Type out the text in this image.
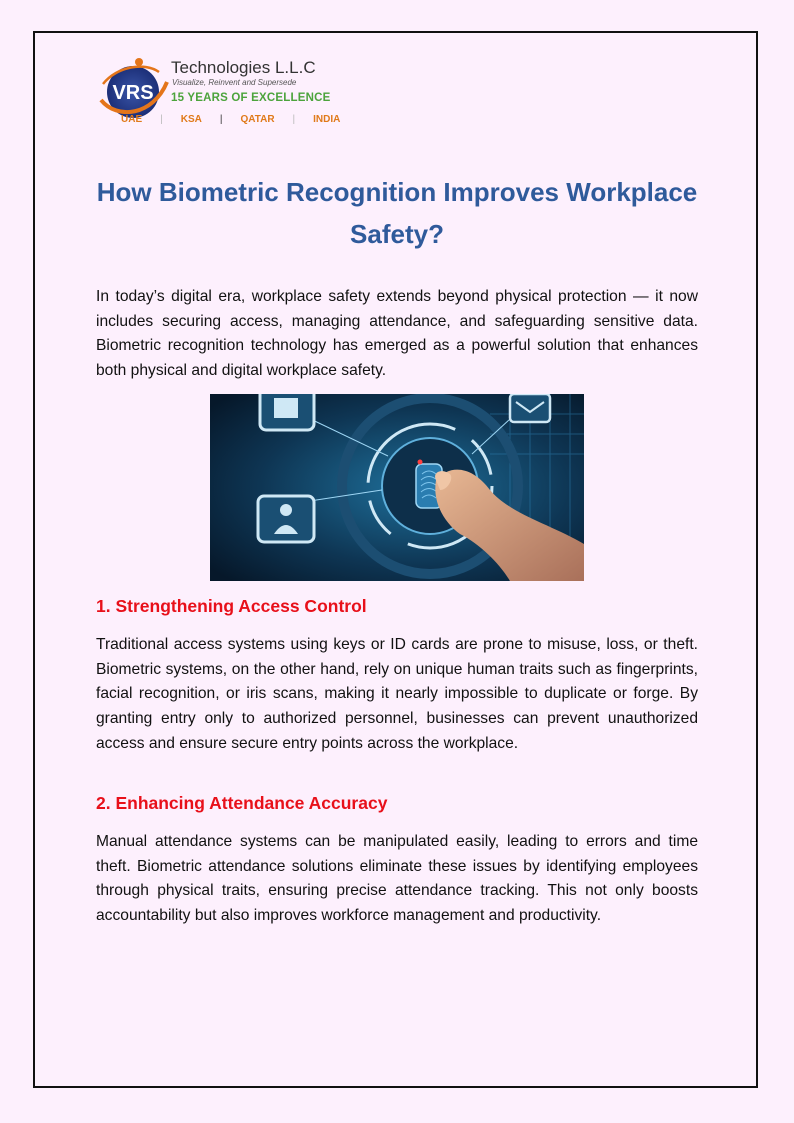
VRS
Technologies L.L.C
Visualize, Reinvent and Supersede
15 YEARS OF EXCELLENCE
UAE | KSA | QATAR | INDIA
How Biometric Recognition Improves Workplace Safety?

In today’s digital era, workplace safety extends beyond physical protection — it now includes securing access, managing attendance, and safeguarding sensitive data. Biometric recognition technology has emerged as a powerful solution that enhances both physical and digital workplace safety.

1. Strengthening Access Control

Traditional access systems using keys or ID cards are prone to misuse, loss, or theft. Biometric systems, on the other hand, rely on unique human traits such as fingerprints, facial recognition, or iris scans, making it nearly impossible to duplicate or forge. By granting entry only to authorized personnel, businesses can prevent unauthorized access and ensure secure entry points across the workplace.

2. Enhancing Attendance Accuracy

Manual attendance systems can be manipulated easily, leading to errors and time theft. Biometric attendance solutions eliminate these issues by identifying employees through physical traits, ensuring precise attendance tracking. This not only boosts accountability but also improves workforce management and productivity.
